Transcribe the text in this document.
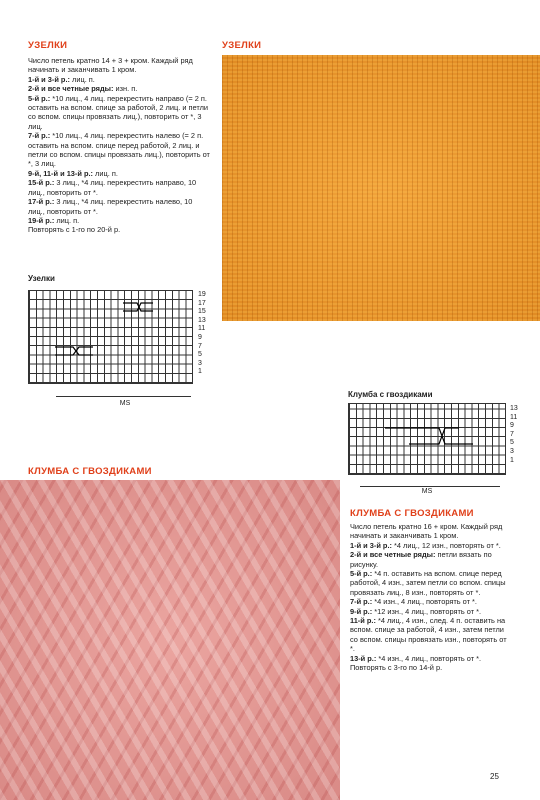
УЗЕЛКИ

Число петель кратно 14 + 3 + кром. Каждый ряд начинать и заканчивать 1 кром.

1-й и 3-й р.: лиц. п.

2-й и все четные ряды: изн. п.

5-й р.: *10 лиц., 4 лиц. перекрестить направо (= 2 п. оставить на вспом. спице за работой, 2 лиц. и петли со вспом. спицы провязать лиц.), повторить от *, 3 лиц.

7-й р.: *10 лиц., 4 лиц. перекрестить налево (= 2 п. оставить на вспом. спице перед работой, 2 лиц. и петли со вспом. спицы провязать лиц.), повторить от *, 3 лиц.

9-й, 11-й и 13-й р.: лиц. п.

15-й р.: 3 лиц., *4 лиц. перекрестить направо, 10 лиц., повторить от *.

17-й р.: 3 лиц., *4 лиц. перекрестить налево, 10 лиц., повторить от *.

19-й р.: лиц. п.

Повторять с 1-го по 20-й р.

УЗЕЛКИ
Узелки
19
17
15
13
11
9
7
5
3
1
MS
Клумба с гвоздиками
13
11
9
7
5
3
1
MS
КЛУМБА С ГВОЗДИКАМИ
КЛУМБА С ГВОЗДИКАМИ

Число петель кратно 16 + кром. Каждый ряд начинать и заканчивать 1 кром.

1-й и 3-й р.: *4 лиц., 12 изн., повторять от *.

2-й и все четные ряды: петли вязать по рисунку.

5-й р.: *4 п. оставить на вспом. спице перед работой, 4 изн., затем петли со вспом. спицы провязать лиц., 8 изн., повторять от *.

7-й р.: *4 изн., 4 лиц., повторять от *.

9-й р.: *12 изн., 4 лиц., повторять от *.

11-й р.: *4 лиц., 4 изн., след. 4 п. оставить на вспом. спице за работой, 4 изн., затем петли со вспом. спицы провязать изн., повторять от *.

13-й р.: *4 изн., 4 лиц., повторять от *.

Повторять с 3-го по 14-й р.

25
